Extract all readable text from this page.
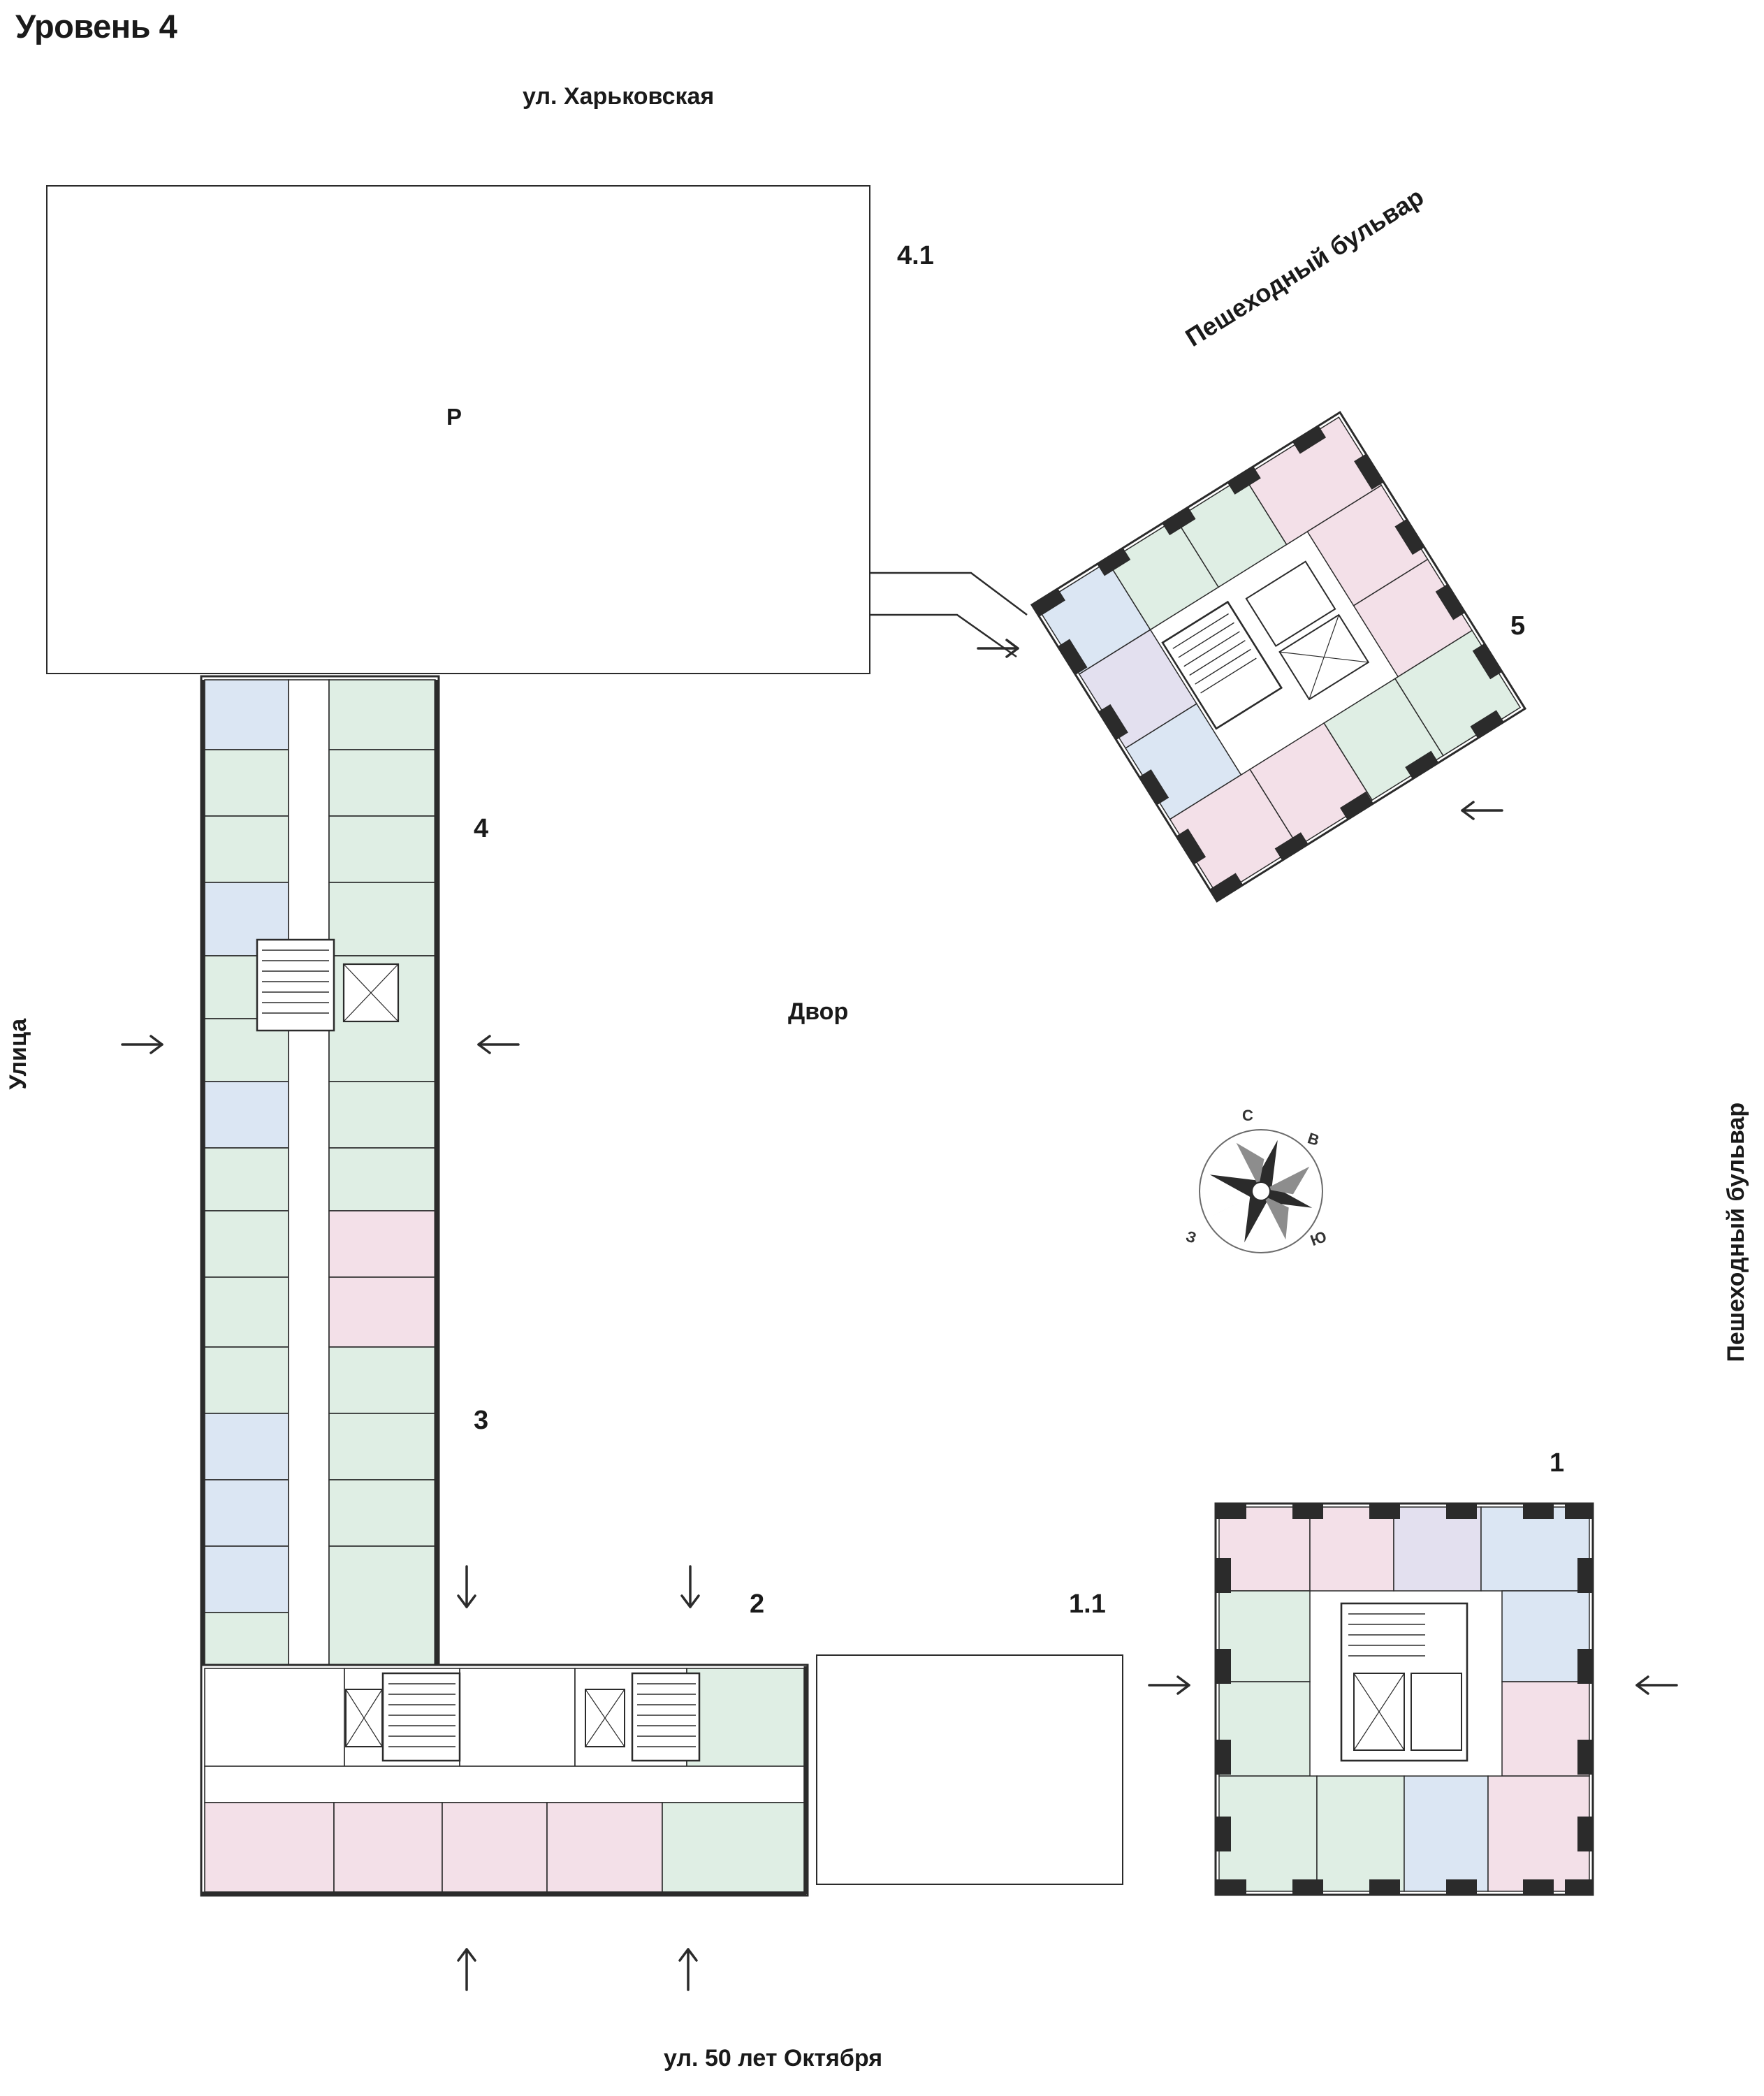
Уровень 4
ул. Харьковская
ул. 50 лет Октября
Улица
Пешеходный бульвар
Пешеходный бульвар
Двор
P
4.1
5
4
3
2	1.1
1
С
В
Ю
З
